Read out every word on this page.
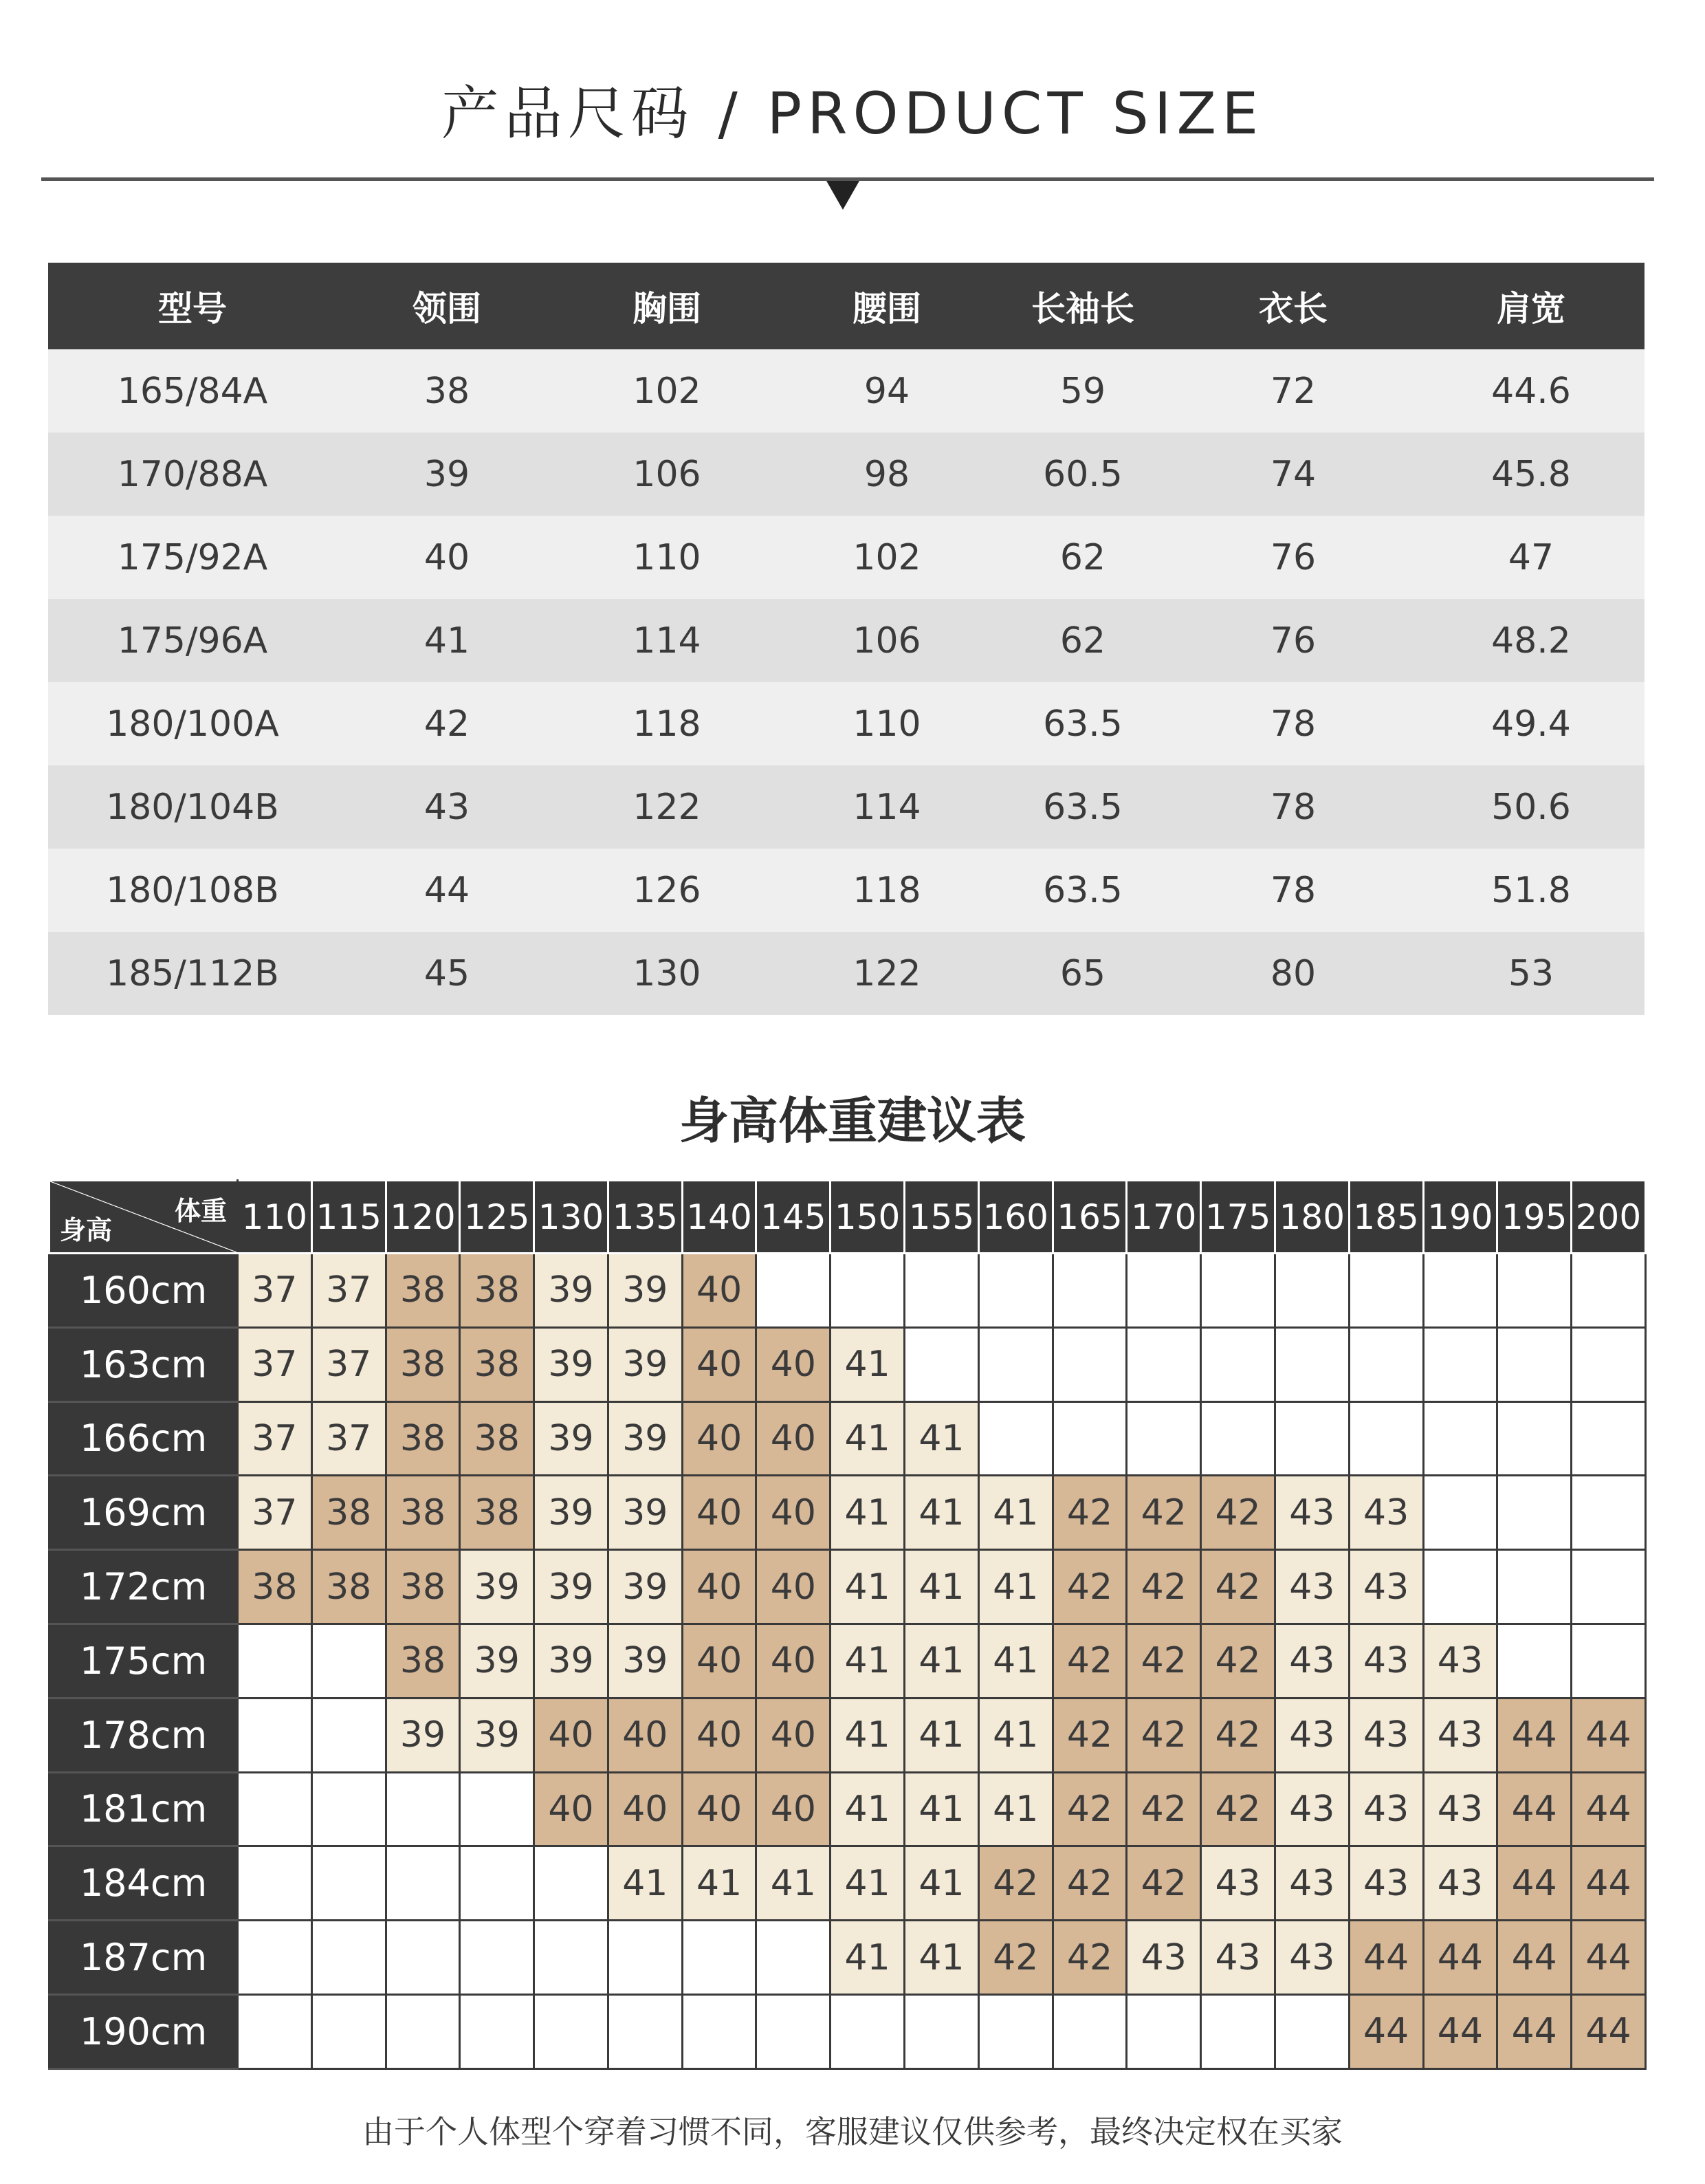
产品尺码 / PRODUCT SIZE
型号	领围	胸围	腰围	长袖长	衣长	肩宽
165/84A	38	102	94	59	72	44.6
170/88A	39	106	98	60.5	74	45.8
175/92A	40	110	102	62	76	47
175/96A	41	114	106	62	76	48.2
180/100A	42	118	110	63.5	78	49.4
180/104B	43	122	114	63.5	78	50.6
180/108B	44	126	118	63.5	78	51.8
185/112B	45	130	122	65	80	53
身高体重建议表
体重
身高	110	115	120	125	130	135	140	145	150	155	160	165	170	175	180	185	190	195	200
160cm	37	37	38	38	39	39	40												
163cm	37	37	38	38	39	39	40	40	41										
166cm	37	37	38	38	39	39	40	40	41	41									
169cm	37	38	38	38	39	39	40	40	41	41	41	42	42	42	43	43			
172cm	38	38	38	39	39	39	40	40	41	41	41	42	42	42	43	43			
175cm			38	39	39	39	40	40	41	41	41	42	42	42	43	43	43		
178cm			39	39	40	40	40	40	41	41	41	42	42	42	43	43	43	44	44
181cm					40	40	40	40	41	41	41	42	42	42	43	43	43	44	44
184cm						41	41	41	41	41	42	42	42	43	43	43	43	44	44
187cm									41	41	42	42	43	43	43	44	44	44	44
190cm																44	44	44	44
由于个人体型个穿着习惯不同，客服建议仅供参考，最终决定权在买家
